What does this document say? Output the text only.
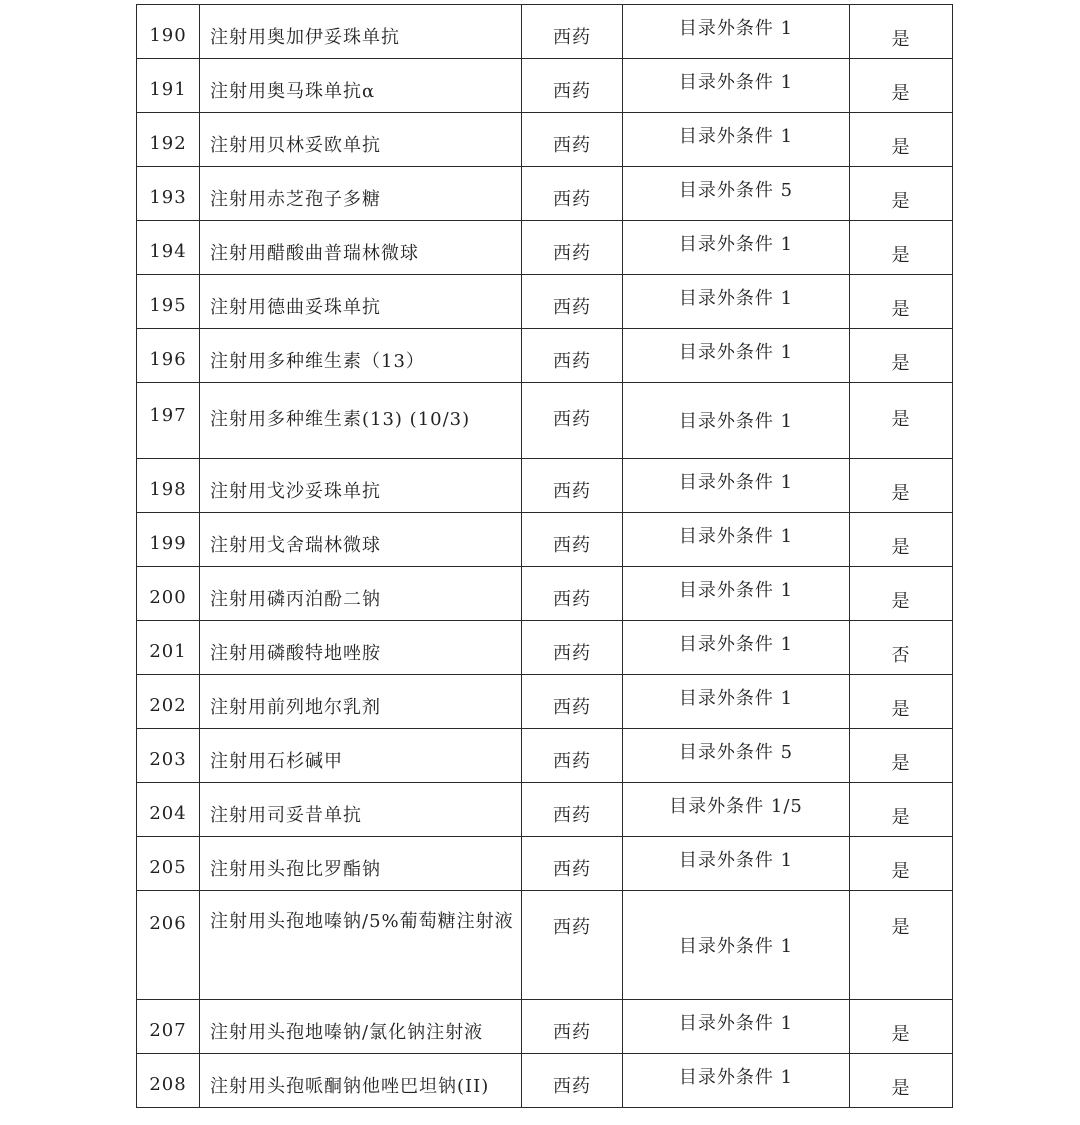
190	注射用奥加伊妥珠单抗	西药	目录外条件 1	是
191	注射用奥马珠单抗α	西药	目录外条件 1	是
192	注射用贝林妥欧单抗	西药	目录外条件 1	是
193	注射用赤芝孢子多糖	西药	目录外条件 5	是
194	注射用醋酸曲普瑞林微球	西药	目录外条件 1	是
195	注射用德曲妥珠单抗	西药	目录外条件 1	是
196	注射用多种维生素（13）	西药	目录外条件 1	是
197	注射用多种维生素(13) (10/3)	西药	目录外条件 1	是
198	注射用戈沙妥珠单抗	西药	目录外条件 1	是
199	注射用戈舍瑞林微球	西药	目录外条件 1	是
200	注射用磷丙泊酚二钠	西药	目录外条件 1	是
201	注射用磷酸特地唑胺	西药	目录外条件 1	否
202	注射用前列地尔乳剂	西药	目录外条件 1	是
203	注射用石杉碱甲	西药	目录外条件 5	是
204	注射用司妥昔单抗	西药	目录外条件 1/5	是
205	注射用头孢比罗酯钠	西药	目录外条件 1	是
206	注射用头孢地嗪钠/5%葡萄糖注射液	西药	目录外条件 1	是
207	注射用头孢地嗪钠/氯化钠注射液	西药	目录外条件 1	是
208	注射用头孢哌酮钠他唑巴坦钠(II)	西药	目录外条件 1	是
